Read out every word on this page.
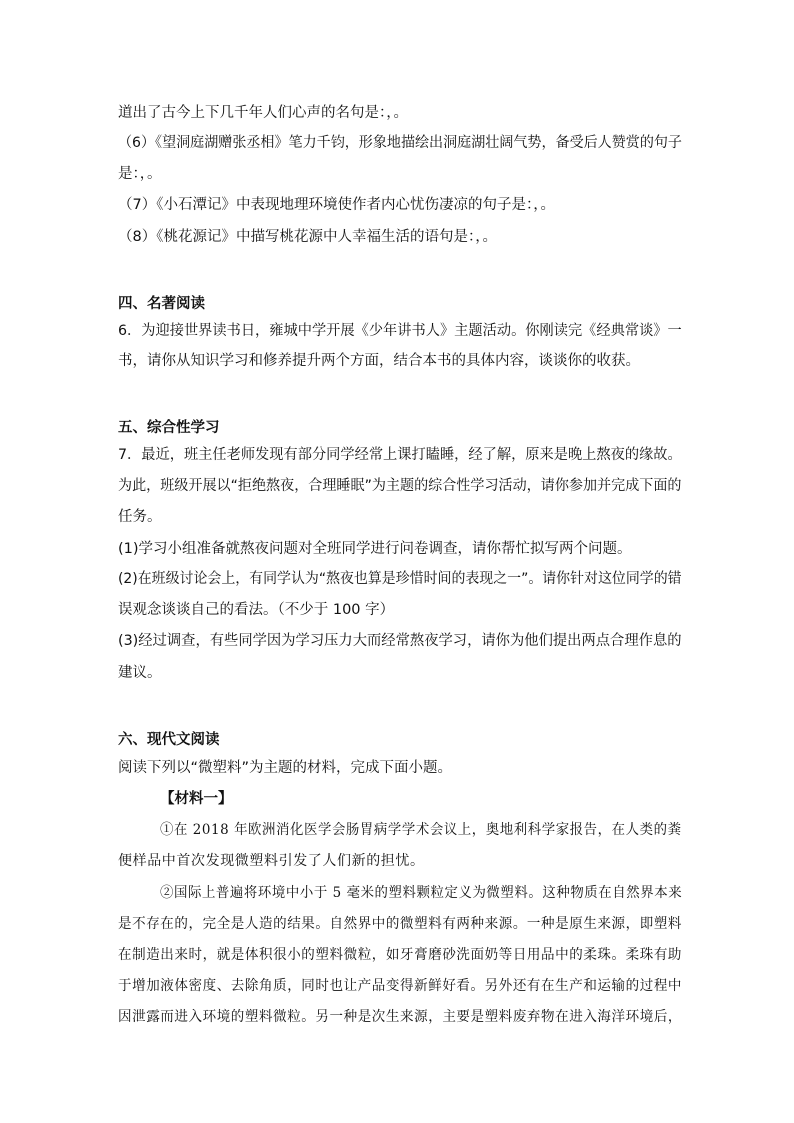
道出了古今上下几千年人们心声的名句是：，。
（6）《望洞庭湖赠张丞相》笔力千钧，形象地描绘出洞庭湖壮阔气势，备受后人赞赏的句子
是：，。
（7）《小石潭记》中表现地理环境使作者内心忧伤凄凉的句子是：，。
（8）《桃花源记》中描写桃花源中人幸福生活的语句是：，。
四、名著阅读
6．为迎接世界读书日，雍城中学开展《少年讲书人》主题活动。你刚读完《经典常谈》一
书，请你从知识学习和修养提升两个方面，结合本书的具体内容，谈谈你的收获。
五、综合性学习
7．最近，班主任老师发现有部分同学经常上课打瞌睡，经了解，原来是晚上熬夜的缘故。
为此，班级开展以“拒绝熬夜，合理睡眠”为主题的综合性学习活动，请你参加并完成下面的
任务。
(1)学习小组准备就熬夜问题对全班同学进行问卷调查，请你帮忙拟写两个问题。
(2)在班级讨论会上，有同学认为“熬夜也算是珍惜时间的表现之一”。请你针对这位同学的错
误观念谈谈自己的看法。（不少于 100 字）
(3)经过调查，有些同学因为学习压力大而经常熬夜学习，请你为他们提出两点合理作息的
建议。
六、现代文阅读
阅读下列以“微塑料”为主题的材料，完成下面小题。
【材料一】
①在 2018 年欧洲消化医学会肠胃病学学术会议上，奥地利科学家报告，在人类的粪
便样品中首次发现微塑料引发了人们新的担忧。
②国际上普遍将环境中小于 5 毫米的塑料颗粒定义为微塑料。这种物质在自然界本来
是不存在的，完全是人造的结果。自然界中的微塑料有两种来源。一种是原生来源，即塑料
在制造出来时，就是体积很小的塑料微粒，如牙膏磨砂洗面奶等日用品中的柔珠。柔珠有助
于增加液体密度、去除角质，同时也让产品变得新鲜好看。另外还有在生产和运输的过程中
因泄露而进入环境的塑料微粒。另一种是次生来源，主要是塑料废弃物在进入海洋环境后，
